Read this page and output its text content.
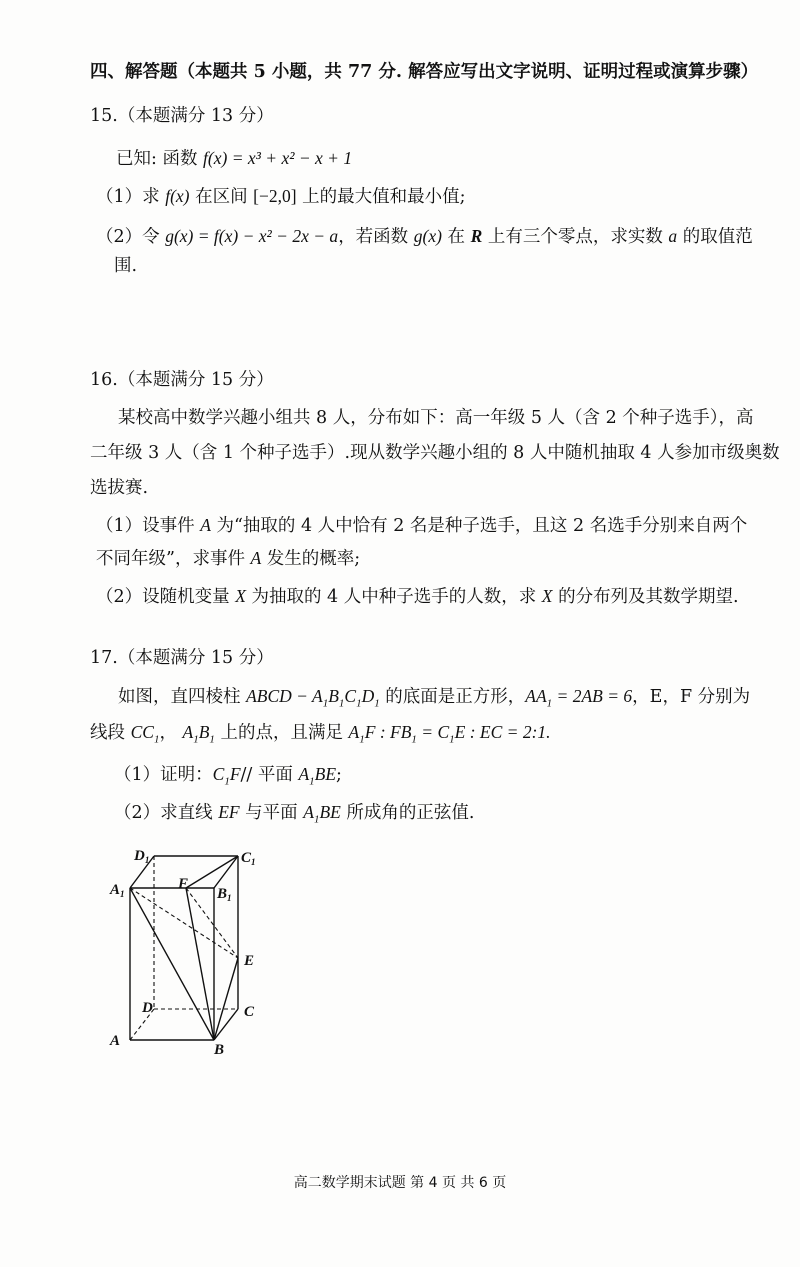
四、解答题（本题共 5 小题，共 77 分. 解答应写出文字说明、证明过程或演算步骤）
15.（本题满分 13 分）
已知: 函数 f(x) = x³ + x² − x + 1
（1）求 f(x) 在区间 [−2,0] 上的最大值和最小值;
（2）令 g(x) = f(x) − x² − 2x − a，若函数 g(x) 在 R 上有三个零点，求实数 a 的取值范
围.
16.（本题满分 15 分）
某校高中数学兴趣小组共 8 人，分布如下：高一年级 5 人（含 2 个种子选手），高
二年级 3 人（含 1 个种子选手）.现从数学兴趣小组的 8 人中随机抽取 4 人参加市级奥数
选拔赛.
（1）设事件 A 为“抽取的 4 人中恰有 2 名是种子选手，且这 2 名选手分别来自两个
不同年级”，求事件 A 发生的概率;
（2）设随机变量 X 为抽取的 4 人中种子选手的人数，求 X 的分布列及其数学期望.
17.（本题满分 15 分）
如图，直四棱柱 ABCD − $A_1B_1C_1D_1$ 的底面是正方形，$AA_1 = 2AB = 6$，E，F 分别为
线段 $CC_1$， $A_1B_1$ 上的点，且满足 $A_1F$ : $FB_1 = C_1E$ : EC = 2:1.
（1）证明：$C_1F//$ 平面 $A_1BE$;
（2）求直线 EF 与平面 $A_1BE$ 所成角的正弦值.
$D_1$	$C_1$
$A_1$
F
$B_1$
E
D	C
A
B
高二数学期末试题 第 4 页 共 6 页
